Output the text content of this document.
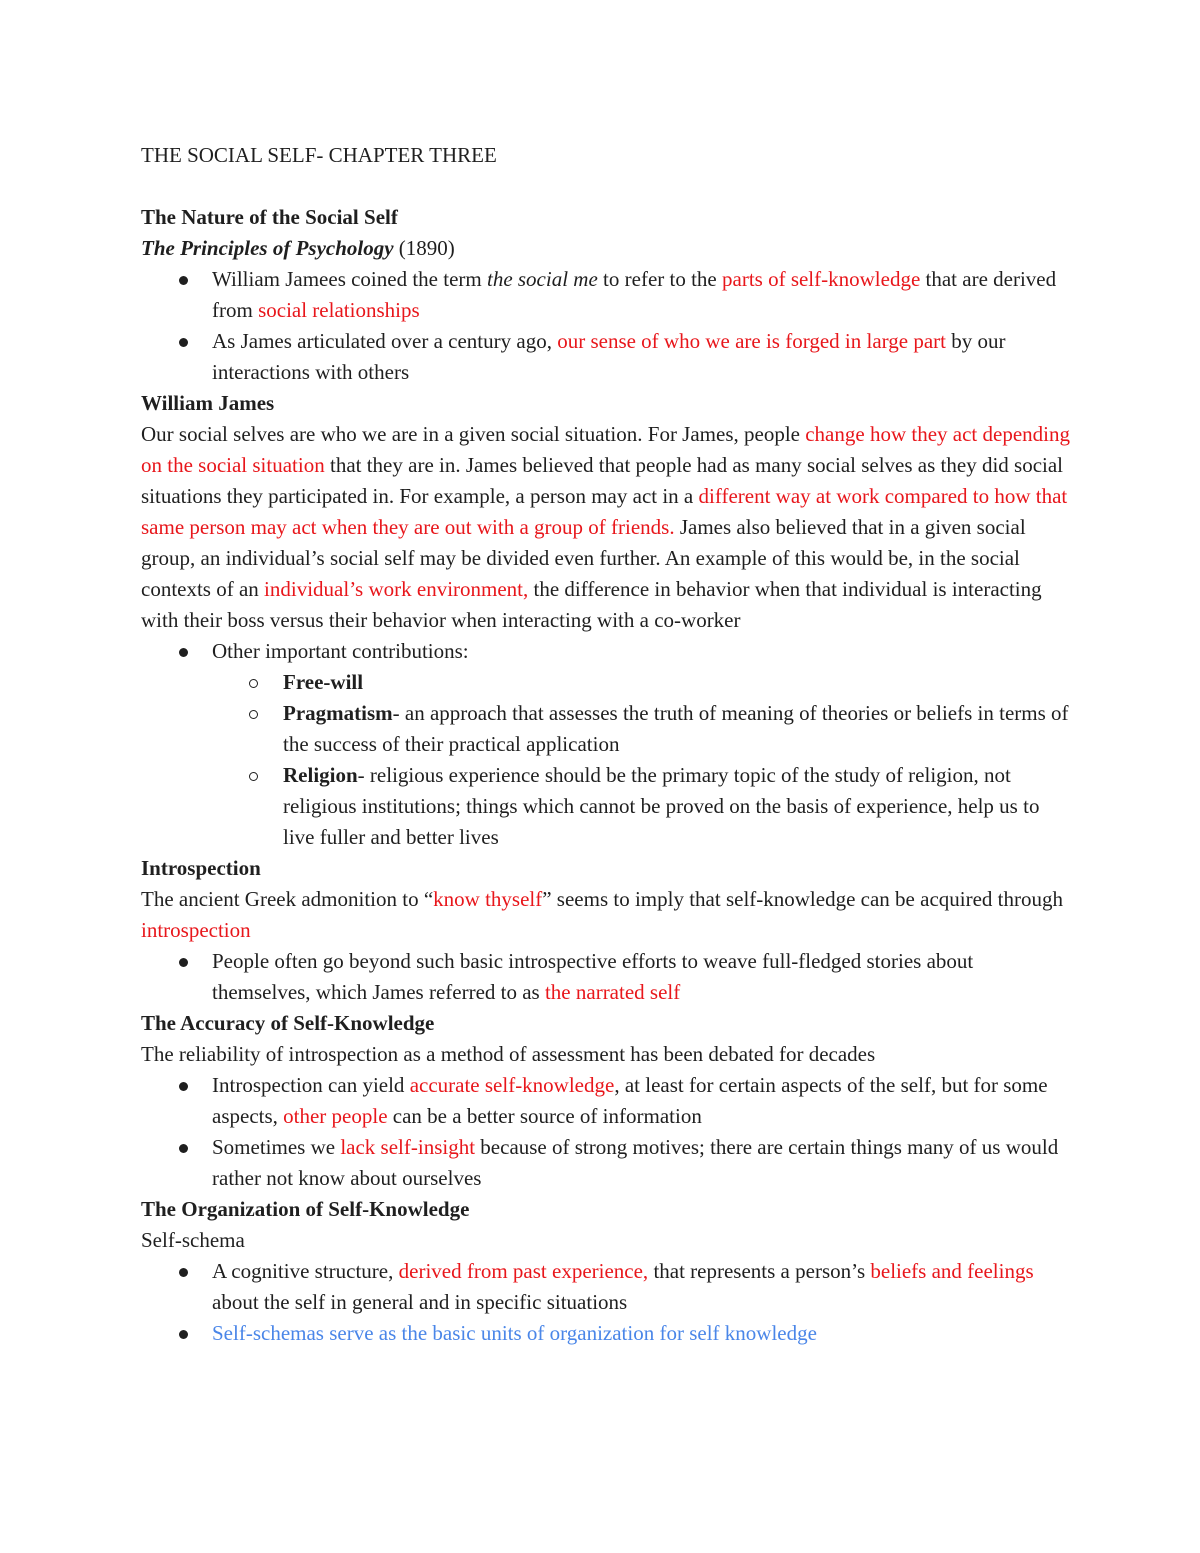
THE SOCIAL SELF- CHAPTER THREE

The Nature of the Social Self

The Principles of Psychology (1890)

William Jamees coined the term the social me to refer to the parts of self-knowledge that are derived from social relationships

As James articulated over a century ago, our sense of who we are is forged in large part by our interactions with others

William James

Our social selves are who we are in a given social situation. For James, people change how they act depending on the social situation that they are in. James believed that people had as many social selves as they did social situations they participated in. For example, a person may act in a different way at work compared to how that same person may act when they are out with a group of friends. James also believed that in a given social group, an individual’s social self may be divided even further. An example of this would be, in the social contexts of an individual’s work environment, the difference in behavior when that individual is interacting with their boss versus their behavior when interacting with a co-worker

Other important contributions:

Free-will

Pragmatism- an approach that assesses the truth of meaning of theories or beliefs in terms of the success of their practical application

Religion- religious experience should be the primary topic of the study of religion, not religious institutions; things which cannot be proved on the basis of experience, help us to live fuller and better lives

Introspection

The ancient Greek admonition to “know thyself” seems to imply that self-knowledge can be acquired through introspection

People often go beyond such basic introspective efforts to weave full-fledged stories about themselves, which James referred to as the narrated self

The Accuracy of Self-Knowledge

The reliability of introspection as a method of assessment has been debated for decades

Introspection can yield accurate self-knowledge, at least for certain aspects of the self, but for some aspects, other people can be a better source of information

Sometimes we lack self-insight because of strong motives; there are certain things many of us would rather not know about ourselves

The Organization of Self-Knowledge

Self-schema

A cognitive structure, derived from past experience, that represents a person’s beliefs and feelings about the self in general and in specific situations

Self-schemas serve as the basic units of organization for self knowledge
